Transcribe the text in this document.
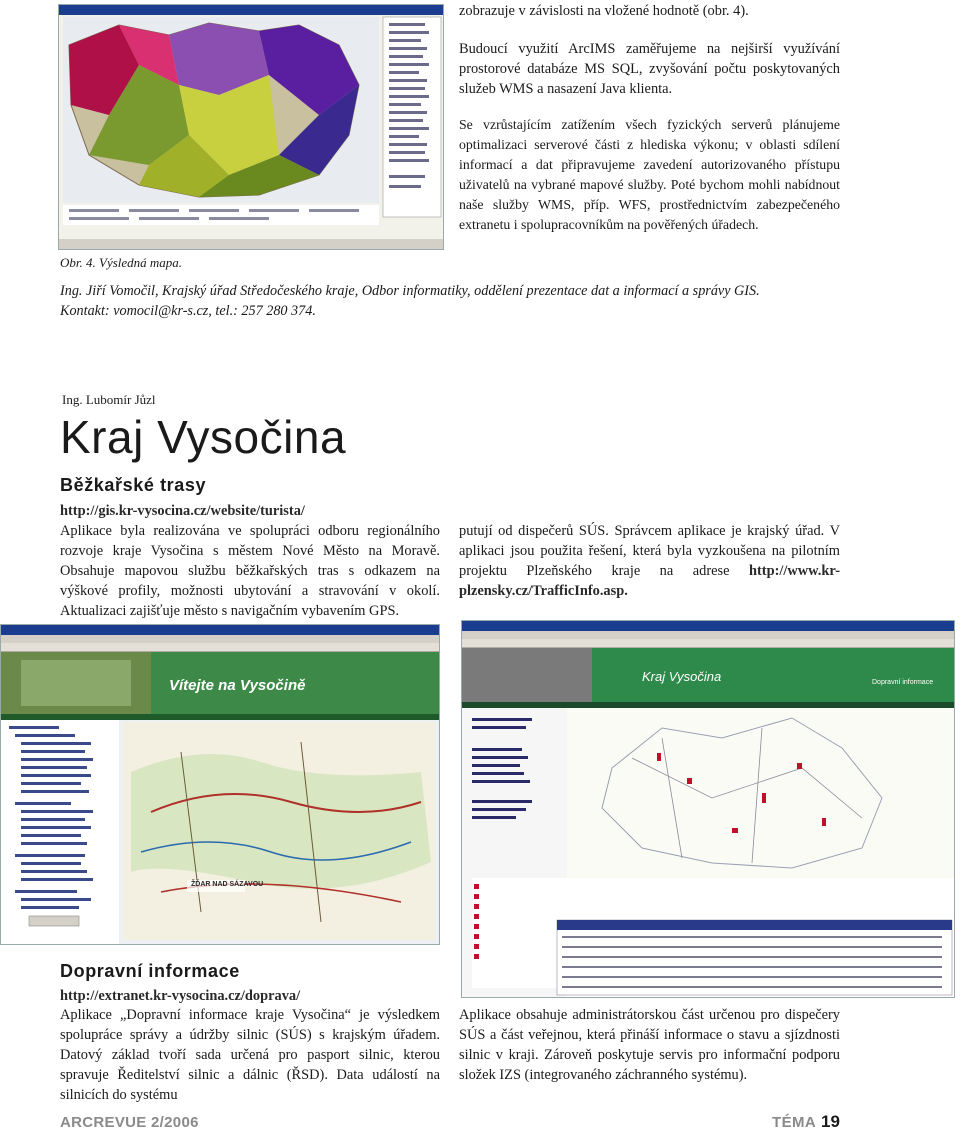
Obr. 4. Výsledná mapa.
zobrazuje v závislosti na vložené hodnotě (obr. 4).
Budoucí využití ArcIMS zaměřujeme na nejširší využívání prostorové databáze MS SQL, zvyšování počtu poskytovaných služeb WMS a nasazení Java klienta.
Se vzrůstajícím zatížením všech fyzických serverů plánujeme optimalizaci serverové části z hlediska výkonu; v oblasti sdílení informací a dat připravujeme zavedení autorizovaného přístupu uživatelů na vybrané mapové služby. Poté bychom mohli nabídnout naše služby WMS, příp. WFS, prostřednictvím zabezpečeného extranetu i spolupracovníkům na pověřených úřadech.
Ing. Jiří Vomočil, Krajský úřad Středočeského kraje, Odbor informatiky, oddělení prezentace dat a informací a správy GIS.
Kontakt: vomocil@kr-s.cz, tel.: 257 280 374.
Ing. Lubomír Jůzl
Kraj Vysočina
Běžkařské trasy
http://gis.kr-vysocina.cz/website/turista/
Aplikace byla realizována ve spolupráci odboru regionálního rozvoje kraje Vysočina s městem Nové Město na Moravě. Obsahuje mapovou službu běžkařských tras s odkazem na výškové profily, možnosti ubytování a stravování v okolí. Aktualizaci zajišťuje město s navigačním vybavením GPS.
putují od dispečerů SÚS. Správcem aplikace je krajský úřad. V aplikaci jsou použita řešení, která byla vyzkoušena na pilotním projektu Plzeňského kraje na adrese http://www.kr-plzensky.cz/TrafficInfo.asp.
Vítejte na Vysočině
ŽĎAR NAD SÁZAVOU
Kraj Vysočina	Dopravní informace
Dopravní informace
http://extranet.kr-vysocina.cz/doprava/
Aplikace „Dopravní informace kraje Vysočina“ je výsledkem spolupráce správy a údržby silnic (SÚS) s krajským úřadem. Datový základ tvoří sada určená pro pasport silnic, kterou spravuje Ředitelství silnic a dálnic (ŘSD). Data událostí na silnicích do systému
Aplikace obsahuje administrátorskou část určenou pro dispečery SÚS a část veřejnou, která přináší informace o stavu a sjízdnosti silnic v kraji. Zároveň poskytuje servis pro informační podporu složek IZS (integrovaného záchranného systému).
ARCREVUE 2/2006	TÉMA 19
